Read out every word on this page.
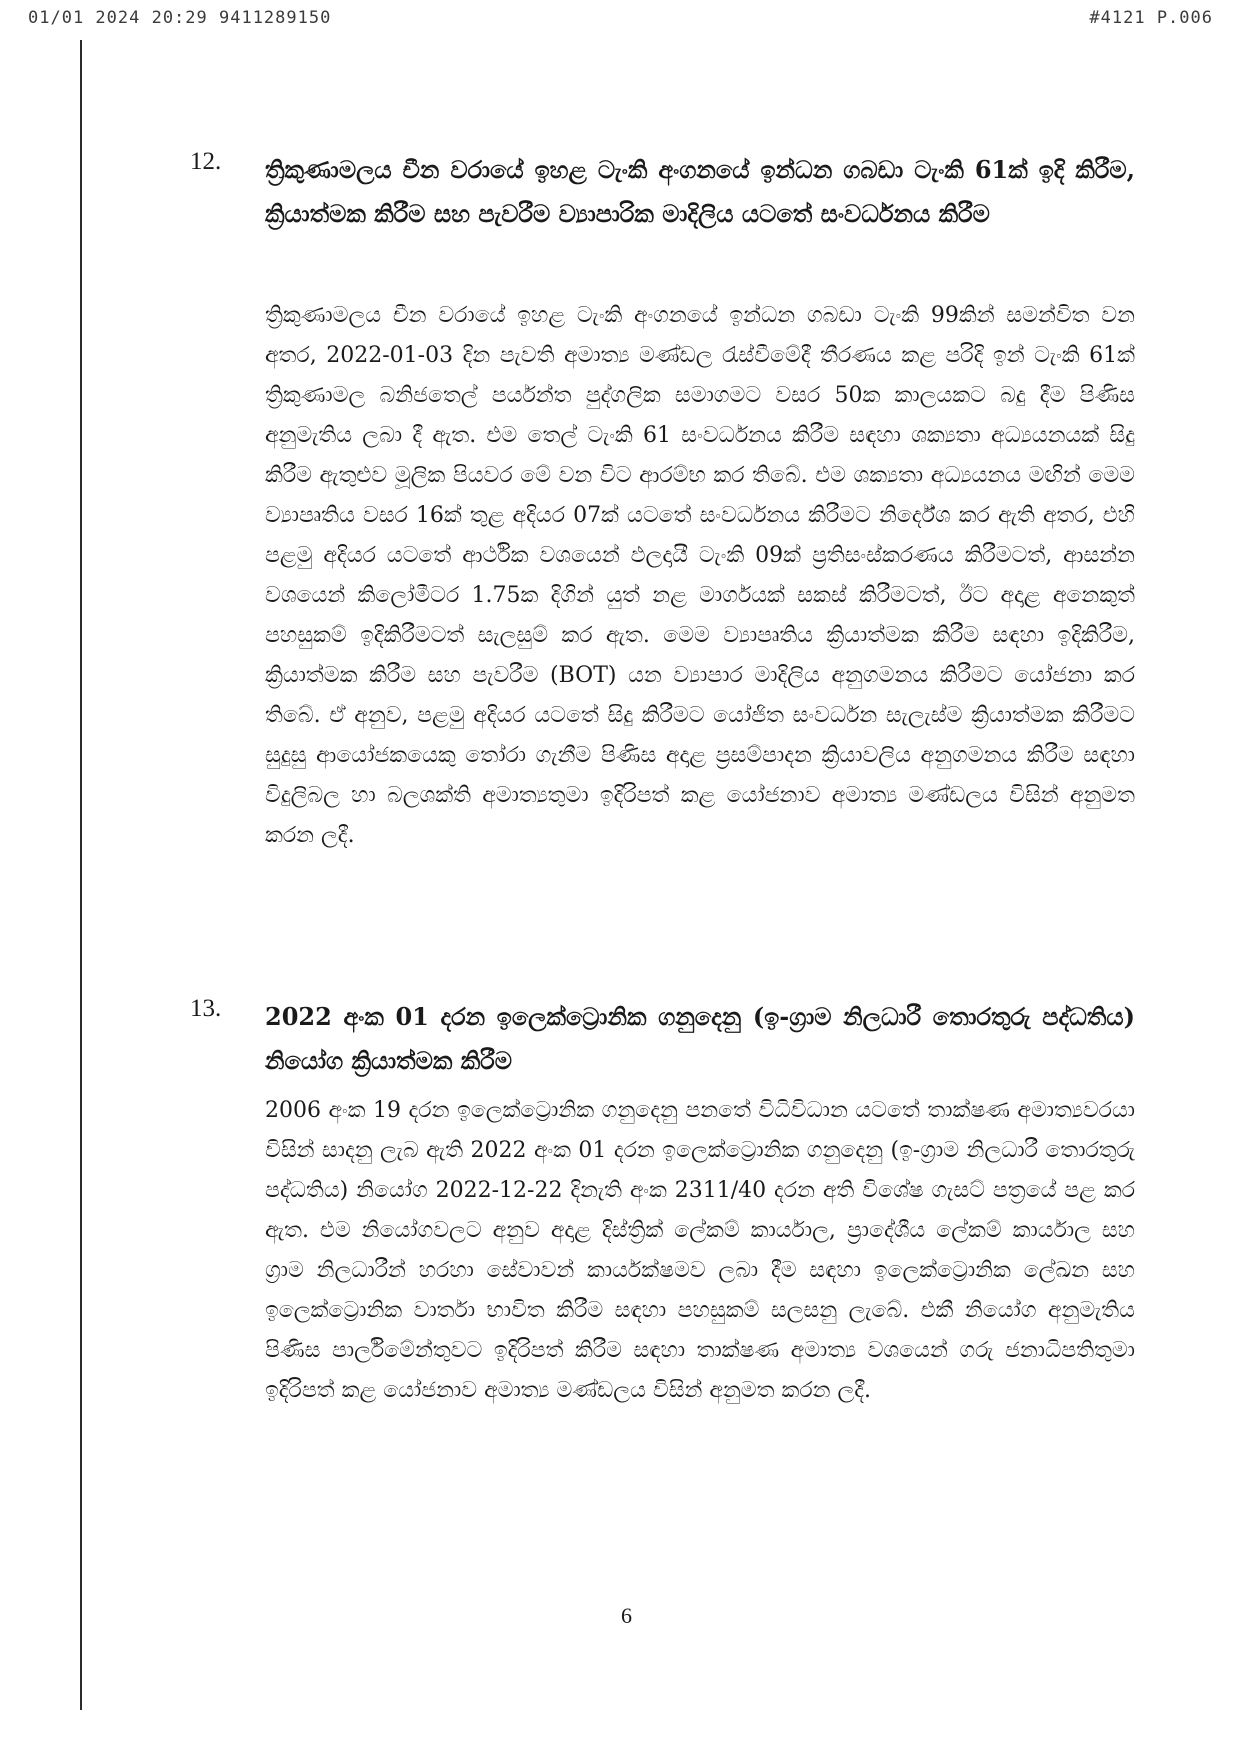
01/01 2024 20:29 9411289150	#4121 P.006
12. ත්‍රිකුණාමලය චීන වරායේ ඉහළ ටැංකි අංගනයේ ඉන්ධන ගබඩා ටැංකි 61ක් ඉදි කිරීම, ක්‍රියාත්මක කිරීම සහ පැවරීම ව්‍යාපාරික මාදිලිය යටතේ සංවර්ධනය කිරීම
ත්‍රිකුණාමලය චීන වරායේ ඉහළ ටැංකි අංගනයේ ඉන්ධන ගබඩා ටැංකි 99කින් සමන්විත වන අතර, 2022-01-03 දින පැවති අමාත්‍ය මණ්ඩල රැස්වීමේදී තීරණය කළ පරිදි ඉන් ටැංකි 61ක් ත්‍රිකුණාමල බනිජතෙල් පර්යන්ත පුද්ගලික සමාගමට වසර 50ක කාලයකට බදු දීම පිණිස අනුමැතිය ලබා දී ඇත. එම තෙල් ටැංකි 61 සංවර්ධනය කිරීම සඳහා ශක්‍යතා අධ්‍යයනයක් සිදු කිරීම ඇතුළුව මූලික පියවර මේ වන විට ආරම්භ කර තිබේ. එම ශක්‍යතා අධ්‍යයනය මඟින් මෙම ව්‍යාපෘතිය වසර 16ක් තුළ අදියර 07ක් යටතේ සංවර්ධනය කිරීමට නිර්දේශ කර ඇති අතර, එහි පළමු අදියර යටතේ ආර්ථික වශයෙන් ඵලදායී ටැංකි 09ක් ප්‍රතිසංස්කරණය කිරීමටත්, ආසන්න වශයෙන් කිලෝමීටර 1.75ක දිගින් යුත් නළ මාර්ගයක් සකස් කිරීමටත්, ඊට අදාළ අනෙකුත් පහසුකම් ඉදිකිරීමටත් සැලසුම් කර ඇත. මෙම ව්‍යාපෘතිය ක්‍රියාත්මක කිරීම සඳහා ඉදිකිරීම, ක්‍රියාත්මක කිරීම සහ පැවරීම (BOT) යන ව්‍යාපාර මාදිලිය අනුගමනය කිරීමට යෝජනා කර තිබේ. ඒ අනුව, පළමු අදියර යටතේ සිදු කිරීමට යෝජිත සංවර්ධන සැලැස්ම ක්‍රියාත්මක කිරීමට සුදුසු ආයෝජකයෙකු තෝරා ගැනීම පිණිස අදාළ ප්‍රසම්පාදන ක්‍රියාවලිය අනුගමනය කිරීම සඳහා විදුලිබල හා බලශක්ති අමාත්‍යතුමා ඉදිරිපත් කළ යෝජනාව අමාත්‍ය මණ්ඩලය විසින් අනුමත කරන ලදී.
13. 2022 අංක 01 දරන ඉලෙක්ට්‍රොනික ගනුදෙනු (ඉ-ග්‍රාම නිලධාරී තොරතුරු පද්ධතිය) නියෝග ක්‍රියාත්මක කිරීම
2006 අංක 19 දරන ඉලෙක්ට්‍රොනික ගනුදෙනු පනතේ විධිවිධාන යටතේ තාක්ෂණ අමාත්‍යවරයා විසින් සාදනු ලැබ ඇති 2022 අංක 01 දරන ඉලෙක්ට්‍රොනික ගනුදෙනු (ඉ-ග්‍රාම නිලධාරී තොරතුරු පද්ධතිය) නියෝග 2022-12-22 දිනැති අංක 2311/40 දරන අති විශේෂ ගැසට් පත්‍රයේ පළ කර ඇත. එම නියෝගවලට අනුව අදාළ දිස්ත්‍රික් ලේකම් කාර්යාල, ප්‍රාදේශීය ලේකම් කාර්යාල සහ ග්‍රාම නිලධාරීන් හරහා සේවාවන් කාර්යක්ෂමව ලබා දීම සඳහා ඉලෙක්ට්‍රොනික ලේඛන සහ ඉලෙක්ට්‍රොනික වාර්තා භාවිත කිරීම සඳහා පහසුකම් සලසනු ලැබේ. එකී නියෝග අනුමැතිය පිණිස පාර්ලිමේන්තුවට ඉදිරිපත් කිරීම සඳහා තාක්ෂණ අමාත්‍ය වශයෙන් ගරු ජනාධිපතිතුමා ඉදිරිපත් කළ යෝජනාව අමාත්‍ය මණ්ඩලය විසින් අනුමත කරන ලදී.
6
